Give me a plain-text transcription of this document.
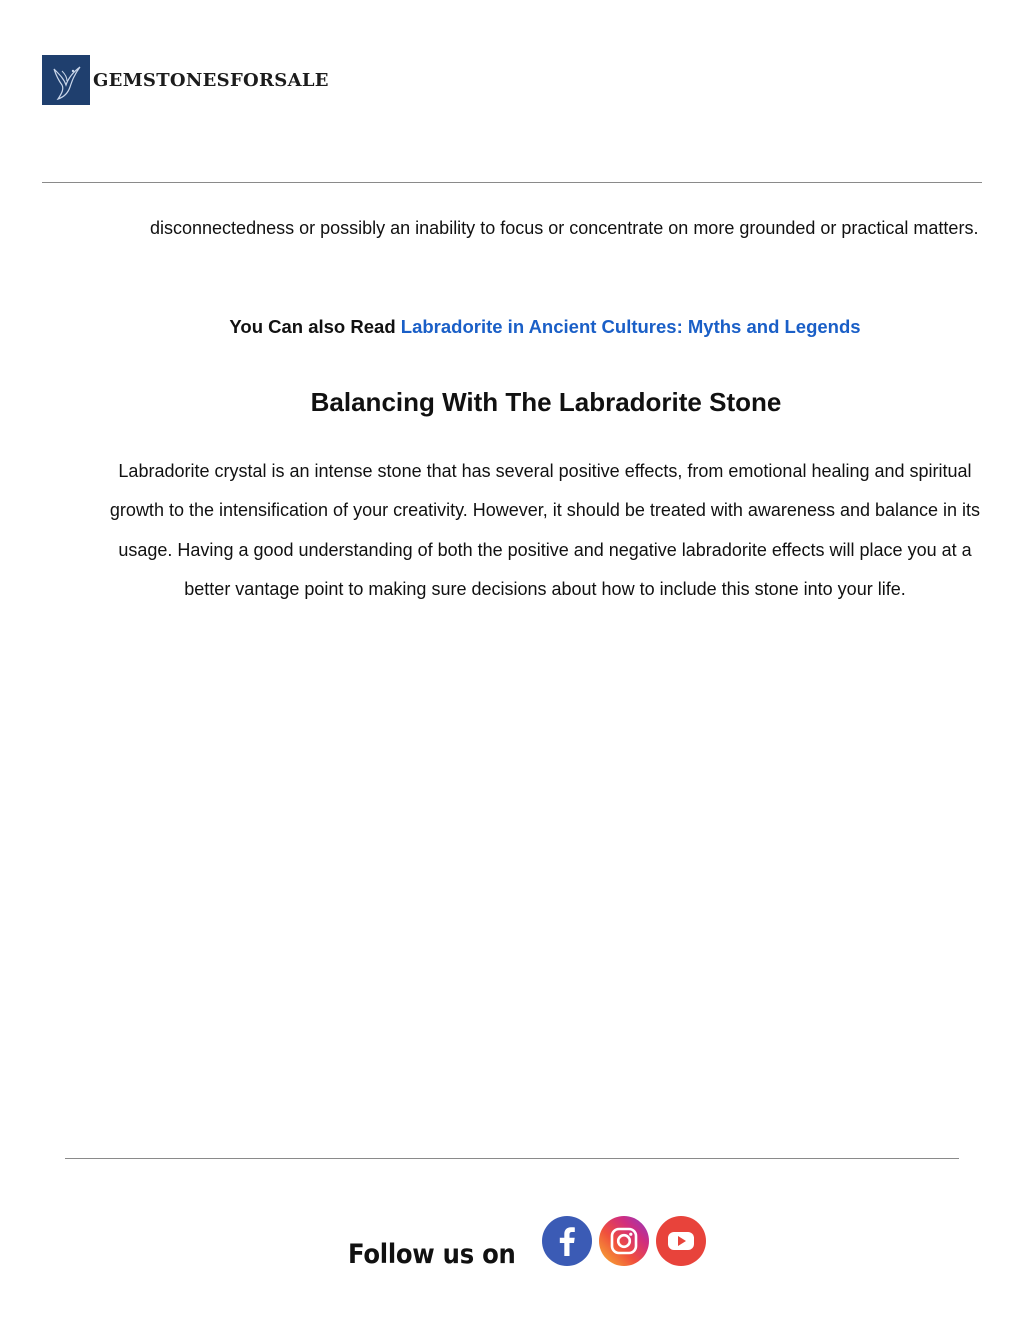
GEMSTONESFORSALE

disconnectedness or possibly an inability to focus or concentrate on more grounded or practical matters.

You Can also Read Labradorite in Ancient Cultures: Myths and Legends

Balancing With The Labradorite Stone

Labradorite crystal is an intense stone that has several positive effects, from emotional healing and spiritual growth to the intensification of your creativity. However, it should be treated with awareness and balance in its usage. Having a good understanding of both the positive and negative labradorite effects will place you at a better vantage point to making sure decisions about how to include this stone into your life.

Follow us on
